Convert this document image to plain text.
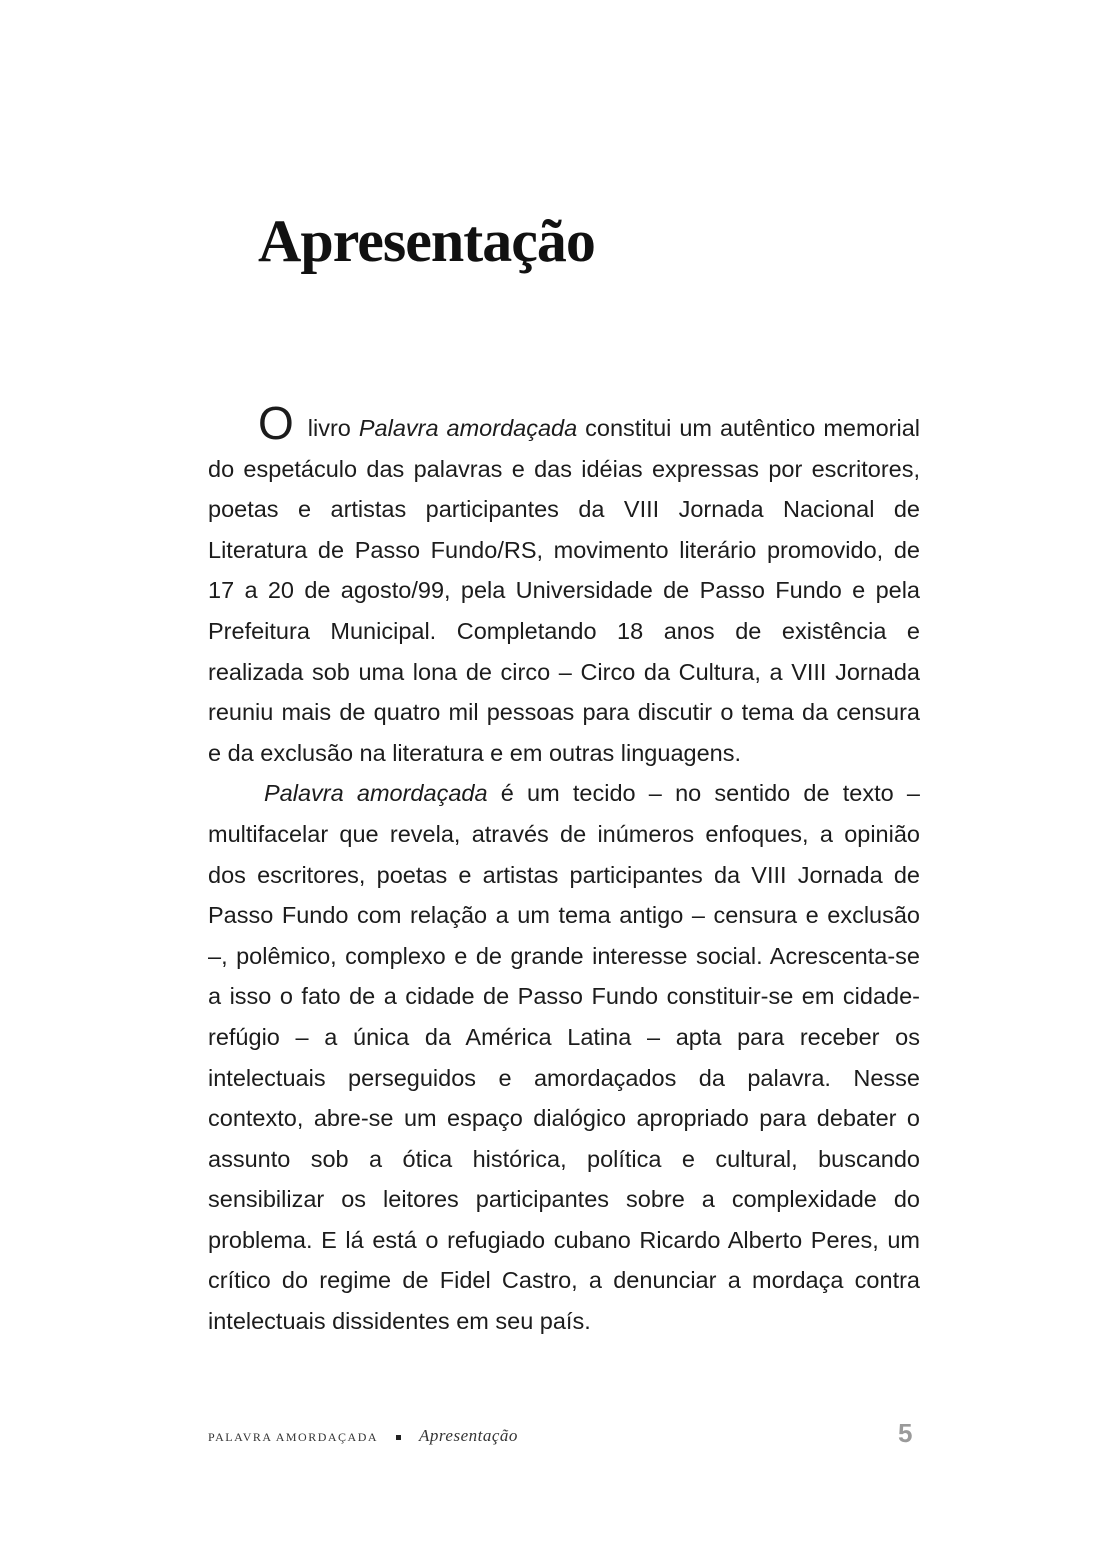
Apresentação

O livro Palavra amordaçada constitui um autêntico memorial do espetáculo das palavras e das idéias expressas por escritores, poetas e artistas participantes da VIII Jornada Nacional de Literatura de Passo Fundo/RS, movimento literário promovido, de 17 a 20 de agosto/99, pela Universidade de Passo Fundo e pela Prefeitura Municipal. Completando 18 anos de existência e realizada sob uma lona de circo – Circo da Cultura, a VIII Jornada reuniu mais de quatro mil pessoas para discutir o tema da censura e da exclusão na literatura e em outras linguagens.

Palavra amordaçada é um tecido – no sentido de texto – multifacelar que revela, através de inúmeros enfoques, a opinião dos escritores, poetas e artistas participantes da VIII Jornada de Passo Fundo com relação a um tema antigo – censura e exclusão –, polêmico, complexo e de grande interesse social. Acrescenta-se a isso o fato de a cidade de Passo Fundo constituir-se em cidade-refúgio – a única da América Latina – apta para receber os intelectuais perseguidos e amordaçados da palavra. Nesse contexto, abre-se um espaço dialógico apropriado para debater o assunto sob a ótica histórica, política e cultural, buscando sensibilizar os leitores participantes sobre a complexidade do problema. E lá está o refugiado cubano Ricardo Alberto Peres, um crítico do regime de Fidel Castro, a denunciar a mordaça contra intelectuais dissidentes em seu país.

PALAVRA AMORDAÇADA Apresentação	5
